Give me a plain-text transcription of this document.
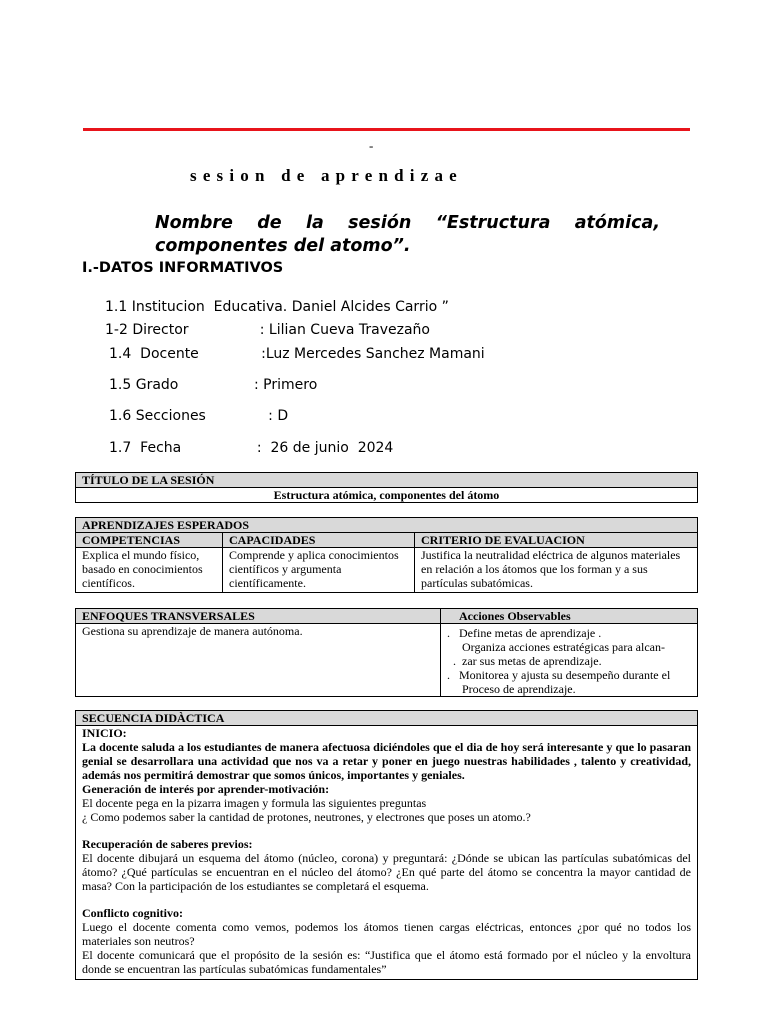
-
sesion de aprendizae
Nombre de la sesión “Estructura atómica, componentes del atomo”.
I.-DATOS INFORMATIVOS
1.1 Institucion  Educativa. Daniel Alcides Carrio ”
1-2 Director                : Lilian Cueva Travezaño
1.4  Docente              :Luz Mercedes Sanchez Mamani
1.5 Grado                 : Primero
1.6 Secciones              : D
1.7  Fecha                 :  26 de junio  2024
TÍTULO DE LA SESIÓN
Estructura atómica, componentes del átomo
APRENDIZAJES ESPERADOS		
COMPETENCIAS	CAPACIDADES	CRITERIO DE EVALUACION
Explica el mundo físico, basado en conocimientos científicos.	Comprende y aplica conocimientos científicos y argumenta científicamente.	Justifica la neutralidad eléctrica de algunos materiales en relación a los átomos que los forman y a sus partículas subatómicas.
ENFOQUES TRANSVERSALES	Acciones Observables
Gestiona su aprendizaje de manera autónoma.	.   Define metas de aprendizaje .
Organiza acciones estratégicas para alcan-
.  zar sus metas de aprendizaje.
.   Monitorea y ajusta su desempeño durante el
Proceso de aprendizaje.
SECUENCIA DIDÀCTICA

INICIO:

La docente saluda a los estudiantes de manera afectuosa diciéndoles que el dia de hoy será interesante y que lo pasaran genial se desarrollara una actividad que nos va a retar y poner en juego nuestras habilidades , talento y creatividad, además nos permitirá demostrar que somos únicos, importantes y geniales.

Generación de interés por aprender-motivación:

El docente pega en la pizarra imagen y formula las siguientes preguntas

¿ Como podemos saber la cantidad de protones, neutrones, y electrones que poses un atomo.?

Recuperación de saberes previos:

El docente dibujará un esquema del átomo (núcleo, corona) y preguntará: ¿Dónde se ubican las partículas subatómicas del átomo? ¿Qué partículas se encuentran en el núcleo del átomo? ¿En qué parte del átomo se concentra la mayor cantidad de masa? Con la participación de los estudiantes se completará el esquema.

Conflicto cognitivo:

Luego el docente comenta como vemos, podemos los átomos tienen cargas eléctricas, entonces ¿por qué no todos los materiales son neutros?

El docente comunicará que el propósito de la sesión es: “Justifica que el átomo está formado por el núcleo y la envoltura donde se encuentran las partículas subatómicas fundamentales”
